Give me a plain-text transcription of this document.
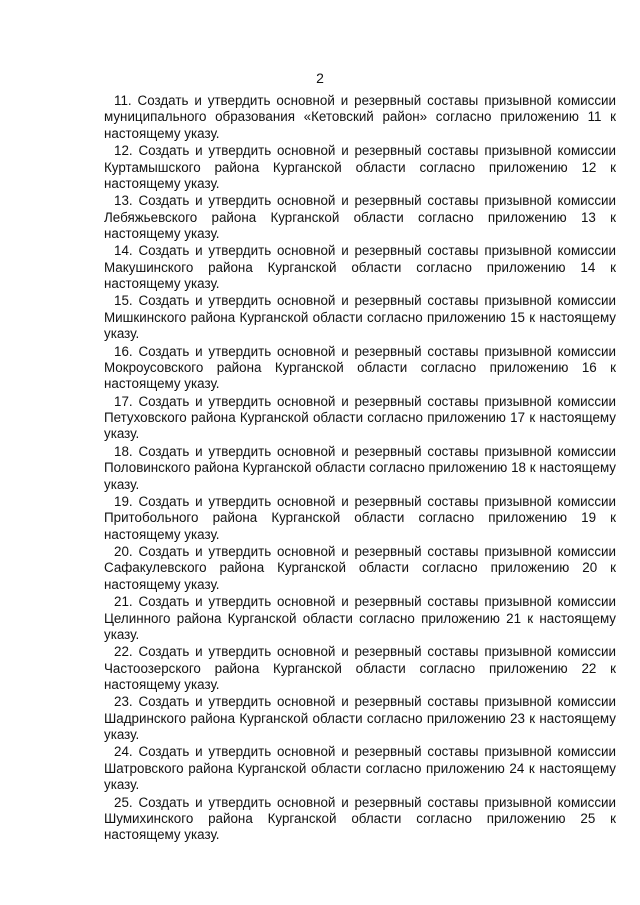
2

11. Создать и утвердить основной и резервный составы призывной комиссии муниципального образования «Кетовский район» согласно приложению 11 к настоящему указу.

12. Создать и утвердить основной и резервный составы призывной комиссии Куртамышского района Курганской области согласно приложению 12 к настоящему указу.

13. Создать и утвердить основной и резервный составы призывной комиссии Лебяжьевского района Курганской области согласно приложению 13 к настоящему указу.

14. Создать и утвердить основной и резервный составы призывной комиссии Макушинского района Курганской области согласно приложению 14 к настоящему указу.

15. Создать и утвердить основной и резервный составы призывной комиссии Мишкинского района Курганской области согласно приложению 15 к настоящему указу.

16. Создать и утвердить основной и резервный составы призывной комиссии Мокроусовского района Курганской области согласно приложению 16 к настоящему указу.

17. Создать и утвердить основной и резервный составы призывной комиссии Петуховского района Курганской области согласно приложению 17 к настоящему указу.

18. Создать и утвердить основной и резервный составы призывной комиссии Половинского района Курганской области согласно приложению 18 к настоящему указу.

19. Создать и утвердить основной и резервный составы призывной комиссии Притобольного района Курганской области согласно приложению 19 к настоящему указу.

20. Создать и утвердить основной и резервный составы призывной комиссии Сафакулевского района Курганской области согласно приложению 20 к настоящему указу.

21. Создать и утвердить основной и резервный составы призывной комиссии Целинного района Курганской области согласно приложению 21 к настоящему указу.

22. Создать и утвердить основной и резервный составы призывной комиссии Частоозерского района Курганской области согласно приложению 22 к настоящему указу.

23. Создать и утвердить основной и резервный составы призывной комиссии Шадринского района Курганской области согласно приложению 23 к настоящему указу.

24. Создать и утвердить основной и резервный составы призывной комиссии Шатровского района Курганской области согласно приложению 24 к настоящему указу.

25. Создать и утвердить основной и резервный составы призывной комиссии Шумихинского района Курганской области согласно приложению 25 к настоящему указу.
